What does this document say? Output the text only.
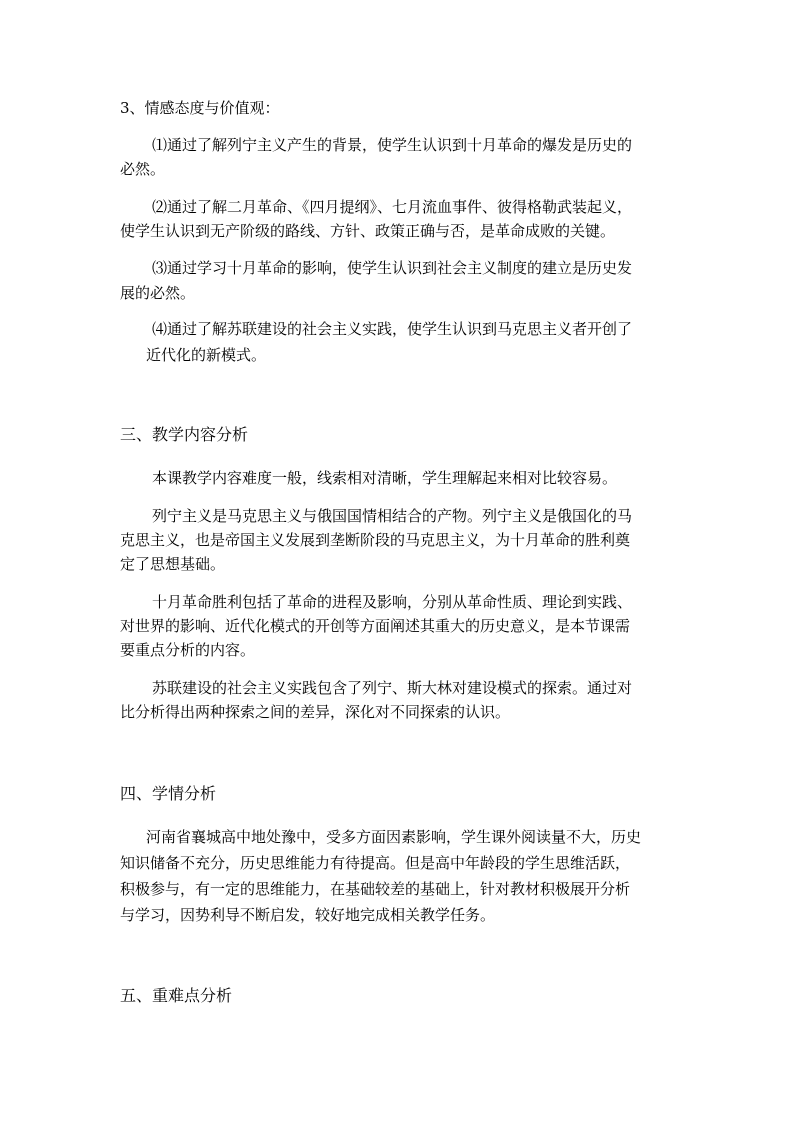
3、情感态度与价值观：

⑴通过了解列宁主义产生的背景，使学生认识到十月革命的爆发是历史的

必然。

⑵通过了解二月革命、《四月提纲》、七月流血事件、彼得格勒武装起义，

使学生认识到无产阶级的路线、方针、政策正确与否，是革命成败的关键。

⑶通过学习十月革命的影响，使学生认识到社会主义制度的建立是历史发

展的必然。

⑷通过了解苏联建设的社会主义实践，使学生认识到马克思主义者开创了

近代化的新模式。

三、教学内容分析

本课教学内容难度一般，线索相对清晰，学生理解起来相对比较容易。

列宁主义是马克思主义与俄国国情相结合的产物。列宁主义是俄国化的马

克思主义，也是帝国主义发展到垄断阶段的马克思主义，为十月革命的胜利奠

定了思想基础。

十月革命胜利包括了革命的进程及影响，分别从革命性质、理论到实践、

对世界的影响、近代化模式的开创等方面阐述其重大的历史意义，是本节课需

要重点分析的内容。

苏联建设的社会主义实践包含了列宁、斯大林对建设模式的探索。通过对

比分析得出两种探索之间的差异，深化对不同探索的认识。

四、学情分析

河南省襄城高中地处豫中，受多方面因素影响，学生课外阅读量不大，历史

知识储备不充分，历史思维能力有待提高。但是高中年龄段的学生思维活跃，

积极参与，有一定的思维能力，在基础较差的基础上，针对教材积极展开分析

与学习，因势利导不断启发，较好地完成相关教学任务。

五、重难点分析
